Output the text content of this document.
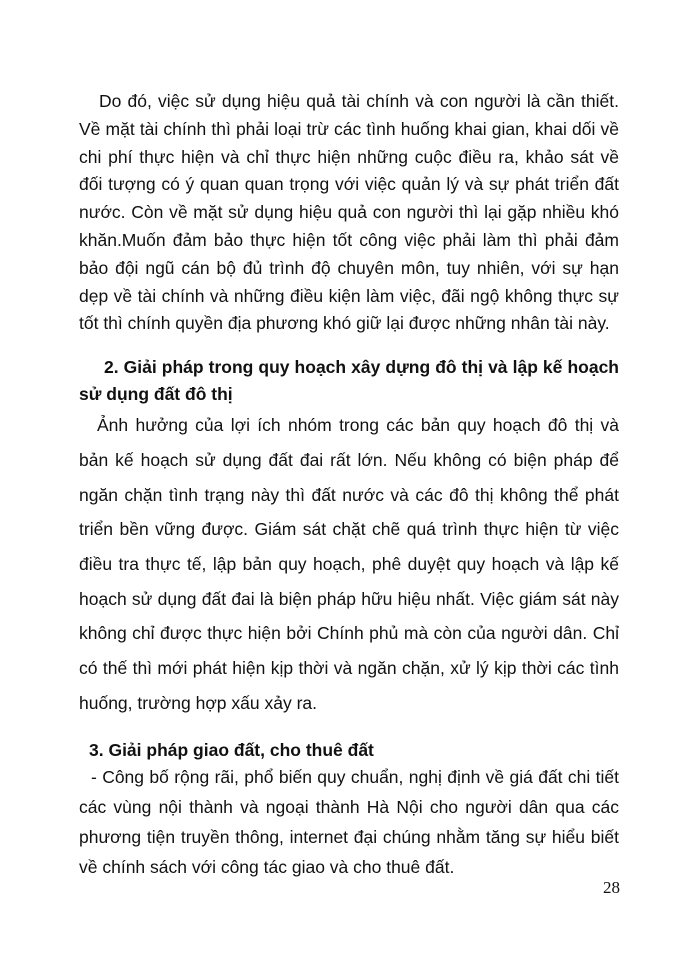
Do đó, việc sử dụng hiệu quả tài chính và con người là cần thiết. Về mặt tài chính thì phải loại trừ các tình huống khai gian, khai dối về chi phí thực hiện và chỉ thực hiện những cuộc điều ra, khảo sát về đối tượng có ý quan quan trọng với việc quản lý và sự phát triển đất nước. Còn về mặt sử dụng hiệu quả con người thì lại gặp nhiều khó khăn.Muốn đảm bảo thực hiện tốt công việc phải làm thì phải đảm bảo đội ngũ cán bộ đủ trình độ chuyên môn, tuy nhiên, với sự hạn dẹp về tài chính và những điều kiện làm việc, đãi ngộ không thực sự tốt thì chính quyền địa phương khó giữ lại được những nhân tài này.

2. Giải pháp trong quy hoạch xây dựng đô thị và lập kế hoạch sử dụng đất đô thị

Ảnh hưởng của lợi ích nhóm trong các bản quy hoạch đô thị và bản kế hoạch sử dụng đất đai rất lớn. Nếu không có biện pháp để ngăn chặn tình trạng này thì đất nước và các đô thị không thể phát triển bền vững được. Giám sát chặt chẽ quá trình thực hiện từ việc điều tra thực tế, lập bản quy hoạch, phê duyệt quy hoạch và lập kế hoạch sử dụng đất đai là biện pháp hữu hiệu nhất. Việc giám sát này không chỉ được thực hiện bởi Chính phủ mà còn của người dân. Chỉ có thế thì mới phát hiện kịp thời và ngăn chặn, xử lý kịp thời các tình huống, trường hợp xấu xảy ra.

3. Giải pháp giao đất, cho thuê đất

- Công bố rộng rãi, phổ biến quy chuẩn, nghị định về giá đất chi tiết các vùng nội thành và ngoại thành Hà Nội cho người dân qua các phương tiện truyền thông, internet đại chúng nhằm tăng sự hiểu biết về chính sách với công tác giao và cho thuê đất.

28
